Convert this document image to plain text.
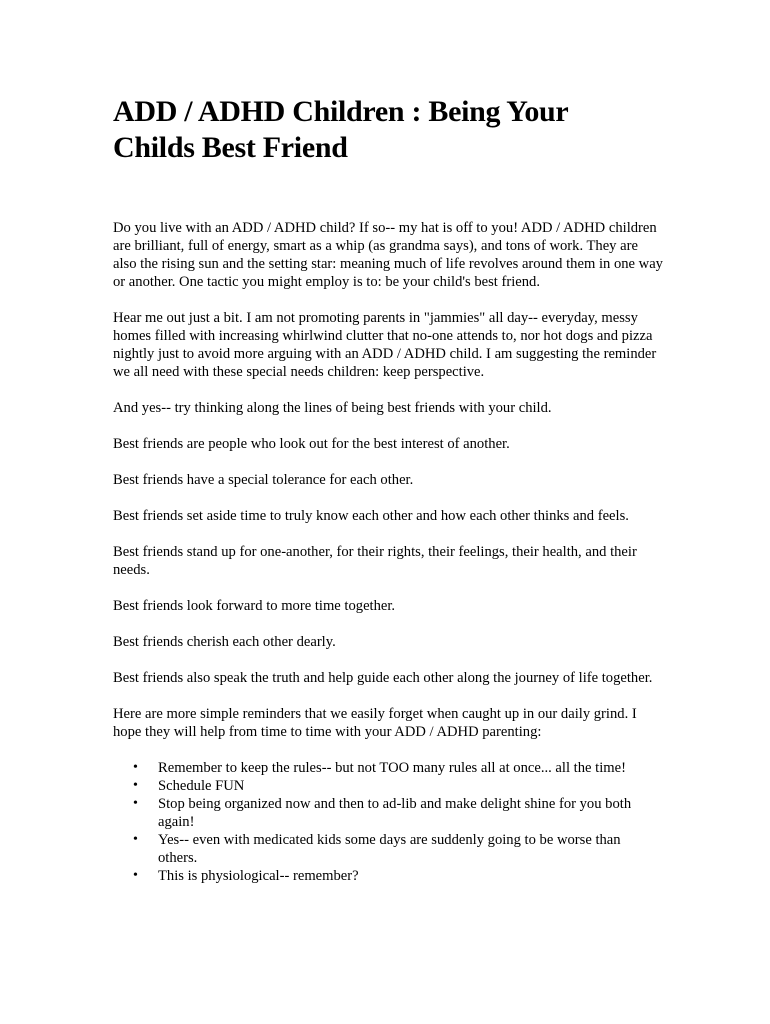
ADD / ADHD Children : Being Your
Childs Best Friend

Do you live with an ADD / ADHD child? If so-- my hat is off to you! ADD / ADHD children are brilliant, full of energy, smart as a whip (as grandma says), and tons of work. They are also the rising sun and the setting star: meaning much of life revolves around them in one way or another. One tactic you might employ is to: be your child's best friend.

Hear me out just a bit. I am not promoting parents in "jammies" all day-- everyday, messy homes filled with increasing whirlwind clutter that no-one attends to, nor hot dogs and pizza nightly just to avoid more arguing with an ADD / ADHD child. I am suggesting the reminder we all need with these special needs children: keep perspective.

And yes-- try thinking along the lines of being best friends with your child.

Best friends are people who look out for the best interest of another.

Best friends have a special tolerance for each other.

Best friends set aside time to truly know each other and how each other thinks and feels.

Best friends stand up for one-another, for their rights, their feelings, their health, and their needs.

Best friends look forward to more time together.

Best friends cherish each other dearly.

Best friends also speak the truth and help guide each other along the journey of life together.

Here are more simple reminders that we easily forget when caught up in our daily grind. I hope they will help from time to time with your ADD / ADHD parenting:

• Remember to keep the rules-- but not TOO many rules all at once... all the time!
• Schedule FUN
• Stop being organized now and then to ad-lib and make delight shine for you both again!
• Yes-- even with medicated kids some days are suddenly going to be worse than others.
• This is physiological-- remember?
